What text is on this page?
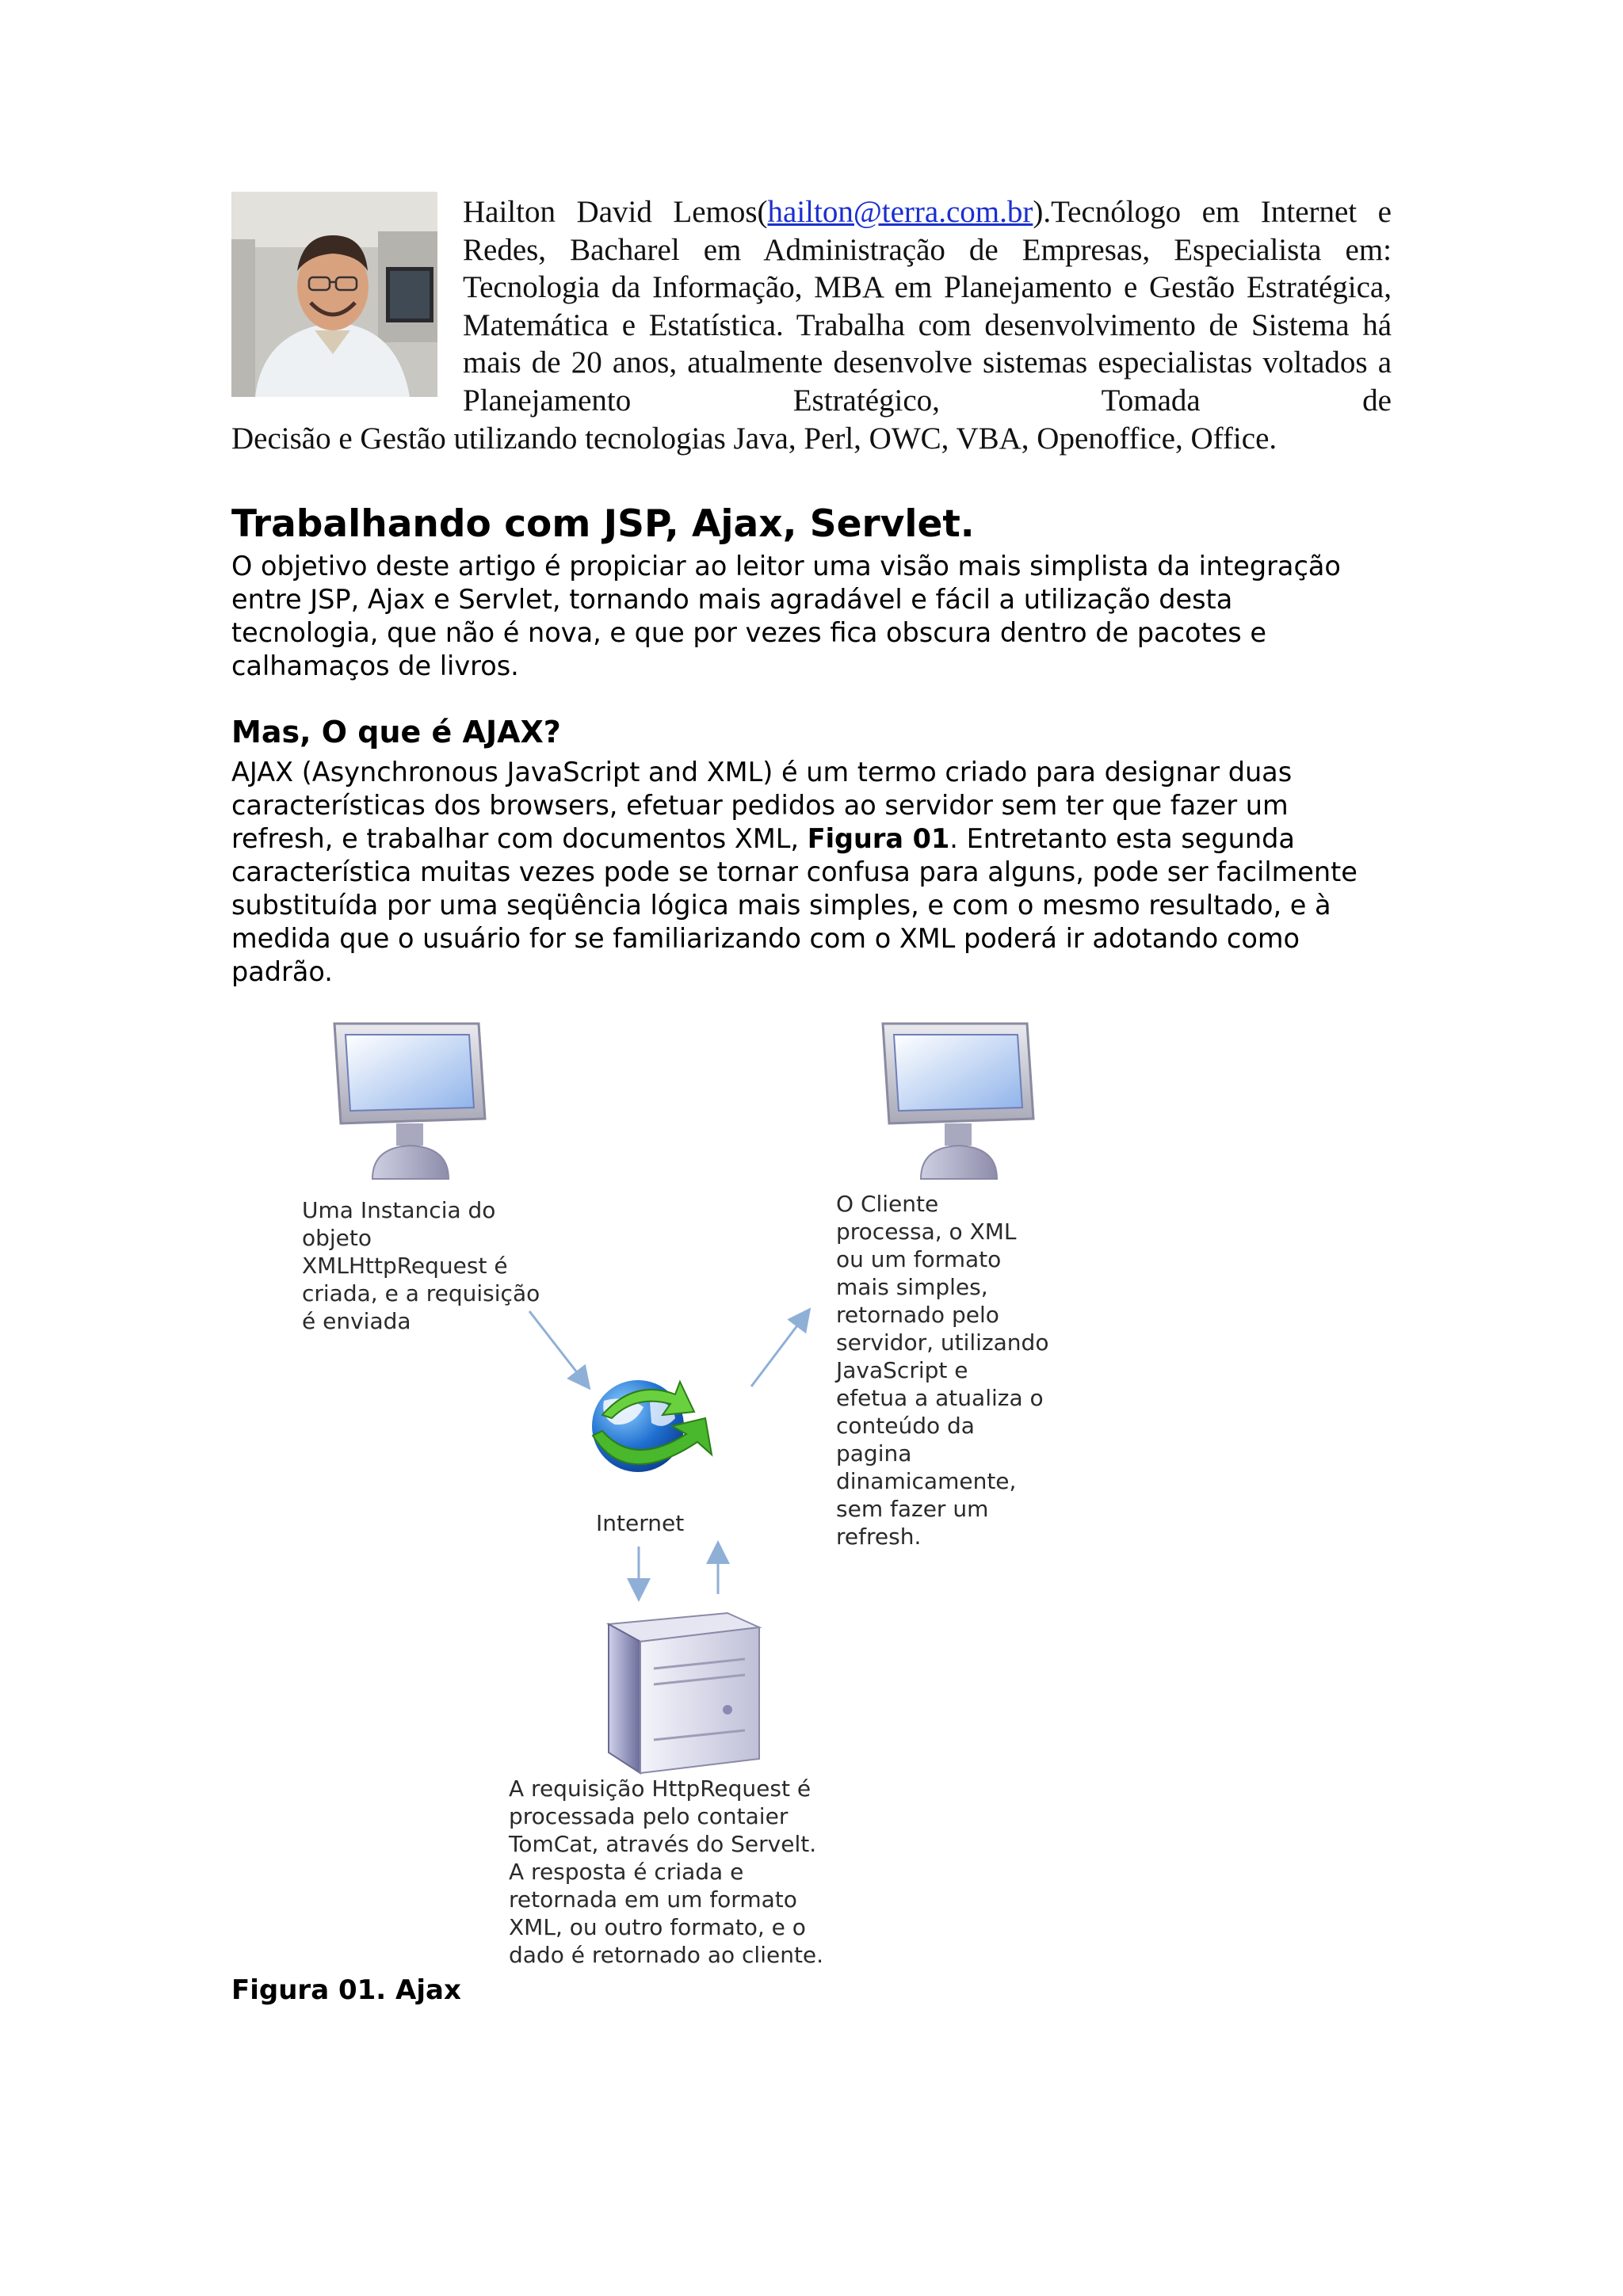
Hailton David Lemos(hailton@terra.com.br).Tecnólogo em Internet e Redes, Bacharel em Administração de Empresas, Especialista em: Tecnologia da Informação, MBA em Planejamento e Gestão Estratégica, Matemática e Estatística. Trabalha com desenvolvimento de Sistema há mais de 20 anos, atualmente desenvolve sistemas especialistas voltados a Planejamento Estratégico, Tomada de
Decisão e Gestão utilizando tecnologias Java, Perl, OWC, VBA, Openoffice, Office.
Trabalhando com JSP, Ajax, Servlet.
O objetivo deste artigo é propiciar ao leitor uma visão mais simplista da integração
entre JSP, Ajax e Servlet, tornando mais agradável e fácil a utilização desta
tecnologia, que não é nova, e que por vezes fica obscura dentro de pacotes e
calhamaços de livros.
Mas, O que é AJAX?
AJAX (Asynchronous JavaScript and XML) é um termo criado para designar duas
características dos browsers, efetuar pedidos ao servidor sem ter que fazer um
refresh, e trabalhar com documentos XML, Figura 01. Entretanto esta segunda
característica muitas vezes pode se tornar confusa para alguns, pode ser facilmente
substituída por uma seqüência lógica mais simples, e com o mesmo resultado, e à
medida que o usuário for se familiarizando com o XML poderá ir adotando como
padrão.
Uma Instancia do
objeto
XMLHttpRequest é
criada, e a requisição
é enviada
O Cliente
processa, o XML
ou um formato
mais simples,
retornado pelo
servidor, utilizando
JavaScript e
efetua a atualiza o
conteúdo da
pagina
dinamicamente,
sem fazer um
refresh.
Internet
A requisição HttpRequest é
processada pelo contaier
TomCat, através do Servelt.
A resposta é criada e
retornada em um formato
XML, ou outro formato, e o
dado é retornado ao cliente.
Figura 01. Ajax
